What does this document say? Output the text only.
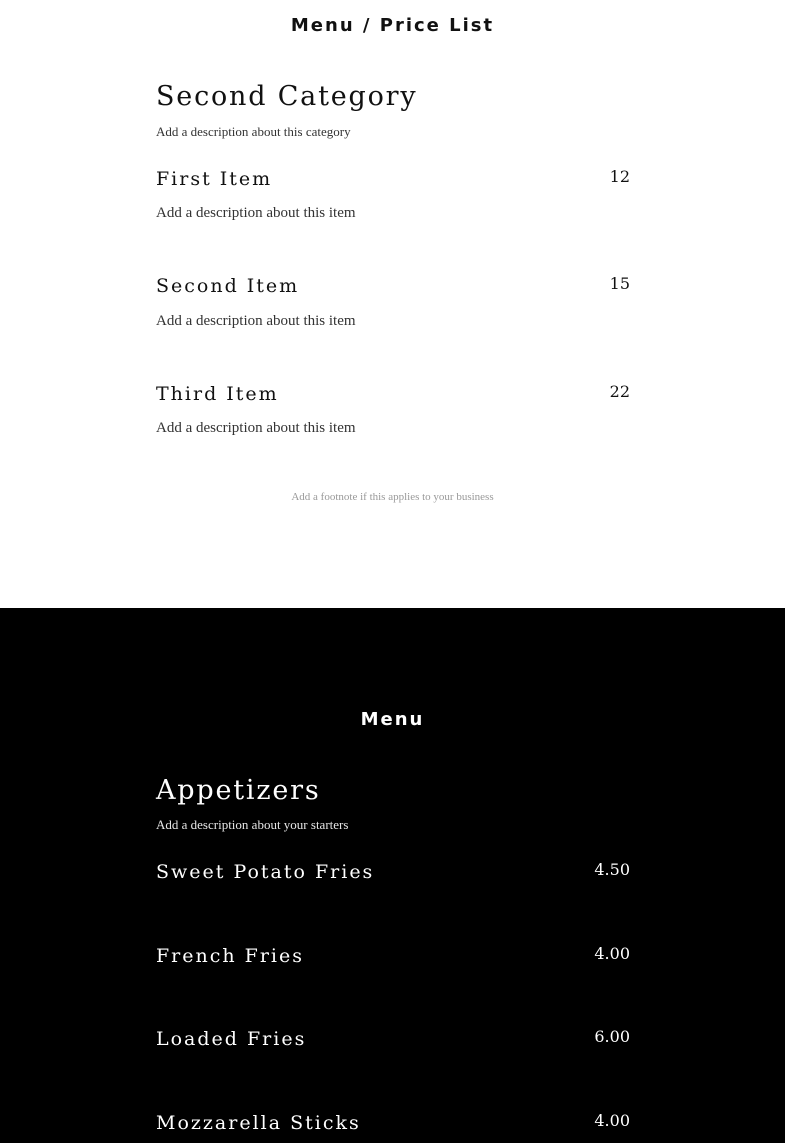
Menu / Price List
Second Category

Add a description about this category

First Item	12
Add a description about this item
Second Item	15
Add a description about this item
Third Item	22
Add a description about this item

Add a footnote if this applies to your business

Menu
Appetizers

Add a description about your starters

Sweet Potato Fries	4.50
French Fries	4.00
Loaded Fries	6.00
Mozzarella Sticks	4.00
